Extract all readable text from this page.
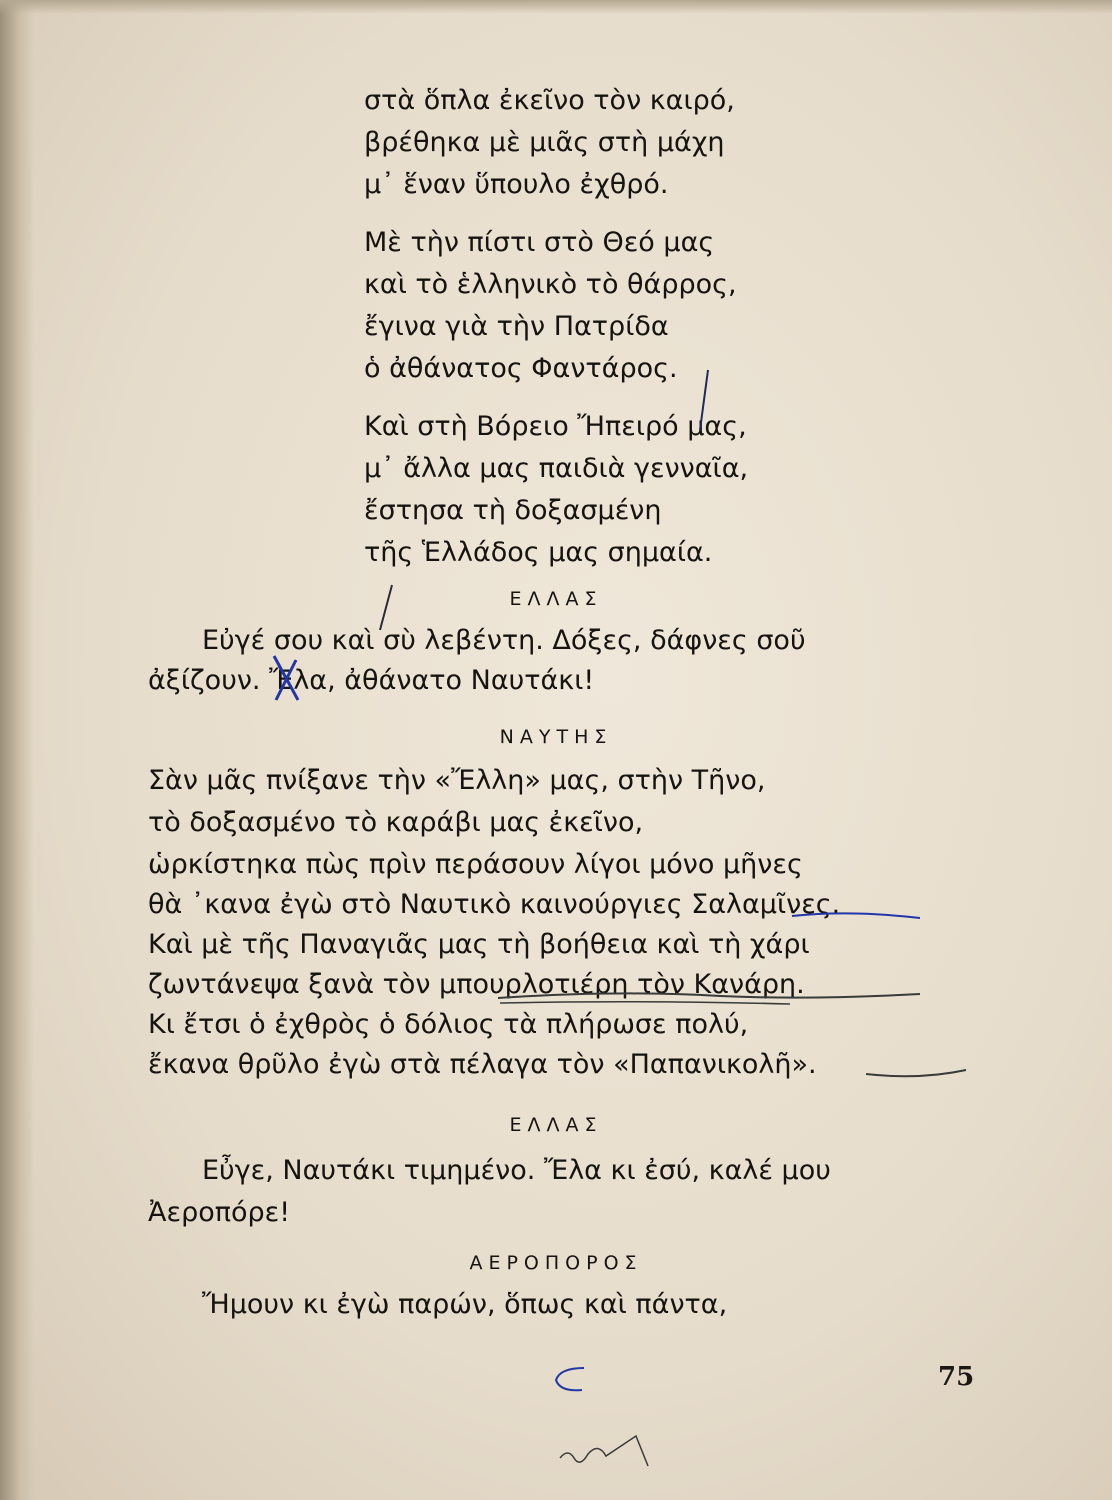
στὰ ὅπλα ἐκεῖνο τὸν καιρό,
βρέθηκα μὲ μιᾶς στὴ μάχη
μ᾿ ἕναν ὕπουλο ἐχθρό.
Μὲ τὴν πίστι στὸ Θεό μας
καὶ τὸ ἑλληνικὸ τὸ θάρρος,
ἔγινα γιὰ τὴν Πατρίδα
ὁ ἀθάνατος Φαντάρος.
Καὶ στὴ Βόρειο Ἤπειρό μας,
μ᾿ ἄλλα μας παιδιὰ γενναῖα,
ἔστησα τὴ δοξασμένη
τῆς Ἑλλάδος μας σημαία.
ΕΛΛΑΣ
Εὐγέ σου καὶ σὺ λεβέντη. Δόξες, δάφνες σοῦ
ἀξίζουν. Ἔλα, ἀθάνατο Ναυτάκι!
ΝΑΥΤΗΣ
Σὰν μᾶς πνίξανε τὴν «Ἔλλη» μας, στὴν Τῆνο,
τὸ δοξασμένο τὸ καράβι μας ἐκεῖνο,
ὡρκίστηκα πὼς πρὶν περάσουν λίγοι μόνο μῆνες
θὰ ᾽κανα ἐγὼ στὸ Ναυτικὸ καινούργιες Σαλαμῖνες.
Καὶ μὲ τῆς Παναγιᾶς μας τὴ βοήθεια καὶ τὴ χάρι
ζωντάνεψα ξανὰ τὸν μπουρλοτιέρη τὸν Κανάρη.
Κι ἔτσι ὁ ἐχθρὸς ὁ δόλιος τὰ πλήρωσε πολύ,
ἔκανα θρῦλο ἐγὼ στὰ πέλαγα τὸν «Παπανικολῆ».
ΕΛΛΑΣ
Εὖγε, Ναυτάκι τιμημένο. Ἔλα κι ἐσύ, καλέ μου
Ἀεροπόρε!
ΑΕΡΟΠΟΡΟΣ
Ἤμουν κι ἐγὼ παρών, ὅπως καὶ πάντα,
75
